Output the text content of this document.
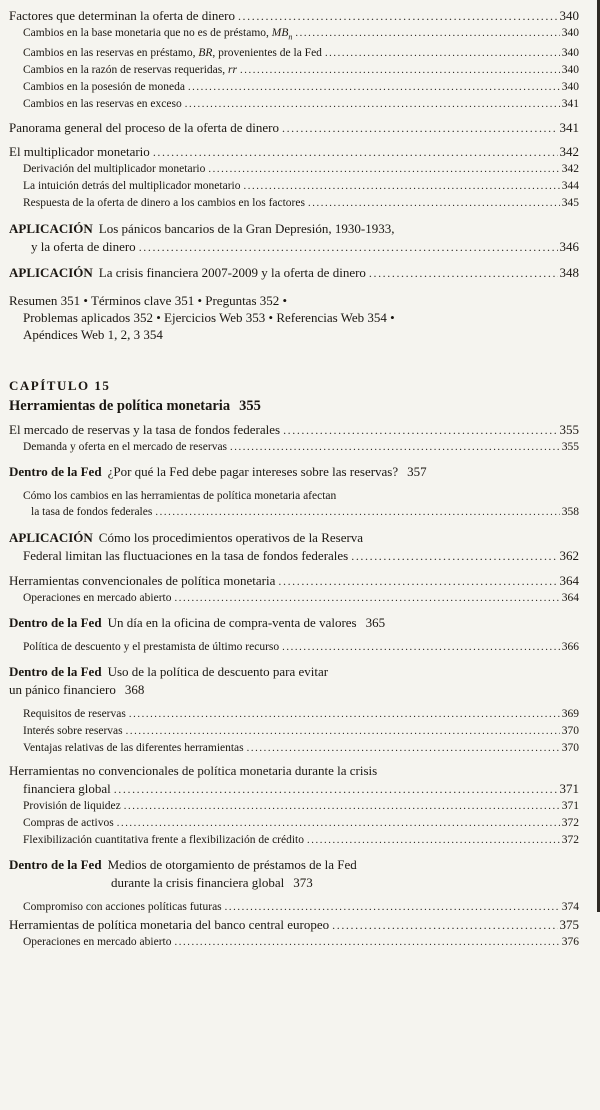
Factores que determinan la oferta de dinero .....	340
Cambios en la base monetaria que no es de préstamo, $MB_n$ .....	340
Cambios en las reservas en préstamo, BR, provenientes de la Fed .....	340
Cambios en la razón de reservas requeridas, rr .....	340
Cambios en la posesión de moneda .....	340
Cambios en las reservas en exceso .....	341
Panorama general del proceso de la oferta de dinero .....	341
El multiplicador monetario .....	342
Derivación del multiplicador monetario .....	342
La intuición detrás del multiplicador monetario .....	344
Respuesta de la oferta de dinero a los cambios en los factores .....	345
APLICACIÓN Los pánicos bancarios de la Gran Depresión, 1930-1933,
y la oferta de dinero .....	346
APLICACIÓN La crisis financiera 2007-2009 y la oferta de dinero .....	348
Resumen 351 • Términos clave 351 • Preguntas 352 •
Problemas aplicados 352 • Ejercicios Web 353 • Referencias Web 354 •
Apéndices Web 1, 2, 3 354
CAPÍTULO 15
Herramientas de política monetaria 355
El mercado de reservas y la tasa de fondos federales .....	355
Demanda y oferta en el mercado de reservas .....	355
Dentro de la Fed ¿Por qué la Fed debe pagar intereses sobre las reservas? 357
Cómo los cambios en las herramientas de política monetaria afectan
la tasa de fondos federales .....	358
APLICACIÓN Cómo los procedimientos operativos de la Reserva
Federal limitan las fluctuaciones en la tasa de fondos federales .....	362
Herramientas convencionales de política monetaria .....	364
Operaciones en mercado abierto .....	364
Dentro de la Fed Un día en la oficina de compra-venta de valores 365
Política de descuento y el prestamista de último recurso .....	366
Dentro de la Fed Uso de la política de descuento para evitar
un pánico financiero 368
Requisitos de reservas .....	369
Interés sobre reservas .....	370
Ventajas relativas de las diferentes herramientas .....	370
Herramientas no convencionales de política monetaria durante la crisis
financiera global .....	371
Provisión de liquidez .....	371
Compras de activos .....	372
Flexibilización cuantitativa frente a flexibilización de crédito .....	372
Dentro de la Fed Medios de otorgamiento de préstamos de la Fed
durante la crisis financiera global 373
Compromiso con acciones políticas futuras .....	374
Herramientas de política monetaria del banco central europeo .....	375
Operaciones en mercado abierto .....	376
